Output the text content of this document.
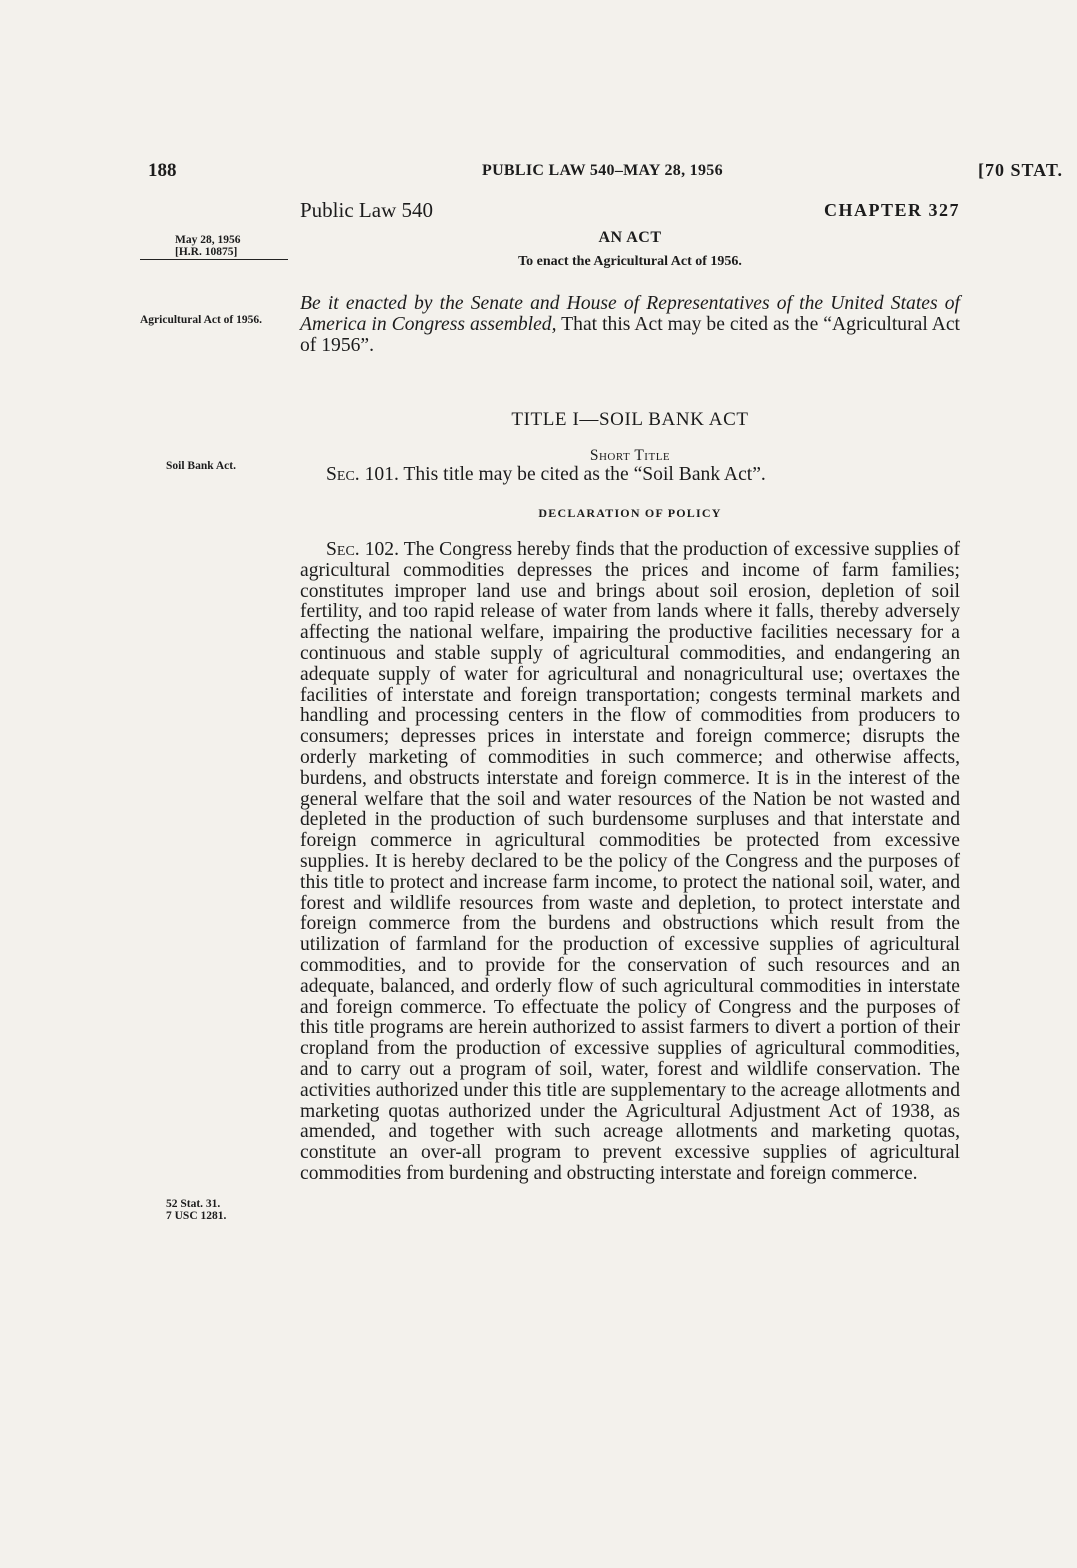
188	PUBLIC LAW 540–MAY 28, 1956	[70 STAT.
May 28, 1956
[H.R. 10875]
Agricultural Act of 1956.
Soil Bank Act.
52 Stat. 31.
7 USC 1281.
Public Law 540	CHAPTER 327
AN ACT
To enact the Agricultural Act of 1956.
Be it enacted by the Senate and House of Representatives of the United States of America in Congress assembled, That this Act may be cited as the “Agricultural Act of 1956”.
TITLE I—SOIL BANK ACT
Short Title
Sec. 101. This title may be cited as the “Soil Bank Act”.
DECLARATION OF POLICY
Sec. 102. The Congress hereby finds that the production of excessive supplies of agricultural commodities depresses the prices and income of farm families; constitutes improper land use and brings about soil erosion, depletion of soil fertility, and too rapid release of water from lands where it falls, thereby adversely affecting the national welfare, impairing the productive facilities necessary for a continuous and stable supply of agricultural commodities, and endangering an adequate supply of water for agricultural and nonagricultural use; overtaxes the facilities of interstate and foreign transportation; congests terminal markets and handling and processing centers in the flow of commodities from producers to consumers; depresses prices in interstate and foreign commerce; disrupts the orderly marketing of commodities in such commerce; and otherwise affects, burdens, and obstructs interstate and foreign commerce. It is in the interest of the general welfare that the soil and water resources of the Nation be not wasted and depleted in the production of such burdensome surpluses and that interstate and foreign commerce in agricultural commodities be protected from excessive supplies. It is hereby declared to be the policy of the Congress and the purposes of this title to protect and increase farm income, to protect the national soil, water, and forest and wildlife resources from waste and depletion, to protect interstate and foreign commerce from the burdens and obstructions which result from the utilization of farmland for the production of excessive supplies of agricultural commodities, and to provide for the conservation of such resources and an adequate, balanced, and orderly flow of such agricultural commodities in interstate and foreign commerce. To effectuate the policy of Congress and the purposes of this title programs are herein authorized to assist farmers to divert a portion of their cropland from the production of excessive supplies of agricultural commodities, and to carry out a program of soil, water, forest and wildlife conservation. The activities authorized under this title are supplementary to the acreage allotments and marketing quotas authorized under the Agricultural Adjustment Act of 1938, as amended, and together with such acreage allotments and marketing quotas, constitute an over-all program to prevent excessive supplies of agricultural commodities from burdening and obstructing interstate and foreign commerce.
